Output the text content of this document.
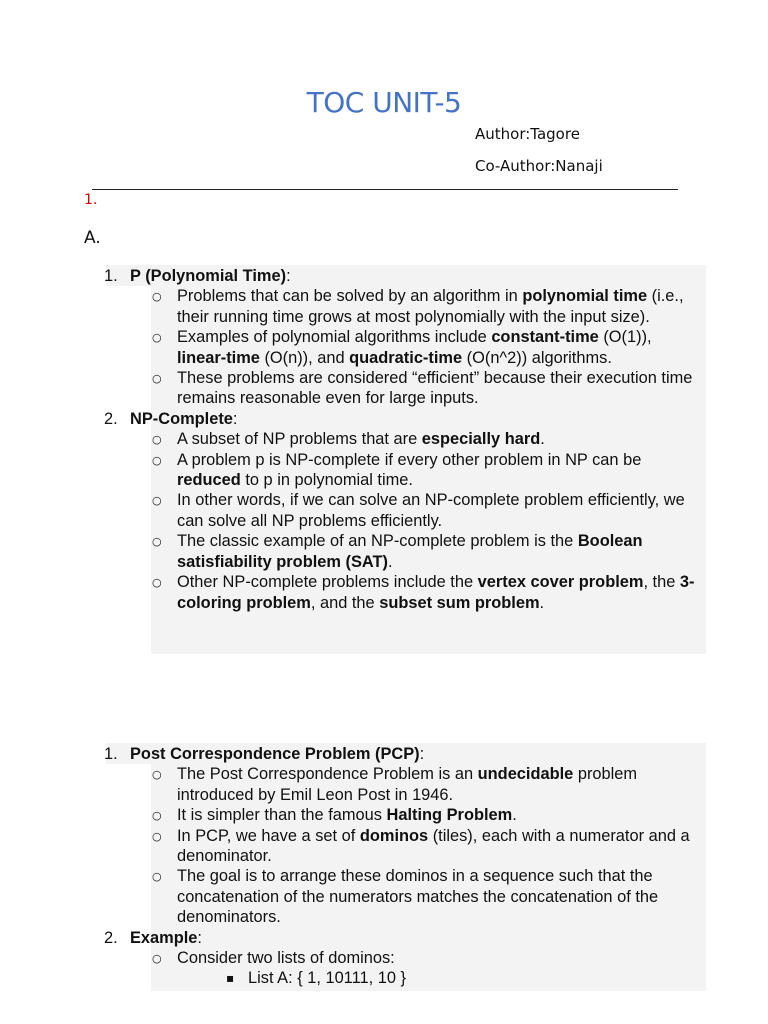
TOC UNIT-5
Author:Tagore
Co-Author:Nanaji
1.
A.
1. P (Polynomial Time):
○ Problems that can be solved by an algorithm in polynomial time (i.e., their running time grows at most polynomially with the input size).
○ Examples of polynomial algorithms include constant-time (O(1)), linear-time (O(n)), and quadratic-time (O(n^2)) algorithms.
○ These problems are considered “efficient” because their execution time remains reasonable even for large inputs.
2. NP-Complete:
○ A subset of NP problems that are especially hard.
○ A problem p is NP-complete if every other problem in NP can be reduced to p in polynomial time.
○ In other words, if we can solve an NP-complete problem efficiently, we can solve all NP problems efficiently.
○ The classic example of an NP-complete problem is the Boolean satisfiability problem (SAT).
○ Other NP-complete problems include the vertex cover problem, the 3-coloring problem, and the subset sum problem.
1. Post Correspondence Problem (PCP):
○ The Post Correspondence Problem is an undecidable problem introduced by Emil Leon Post in 1946.
○ It is simpler than the famous Halting Problem.
○ In PCP, we have a set of dominos (tiles), each with a numerator and a denominator.
○ The goal is to arrange these dominos in a sequence such that the concatenation of the numerators matches the concatenation of the denominators.
2. Example:
○ Consider two lists of dominos:
▪ List A: { 1, 10111, 10 }
